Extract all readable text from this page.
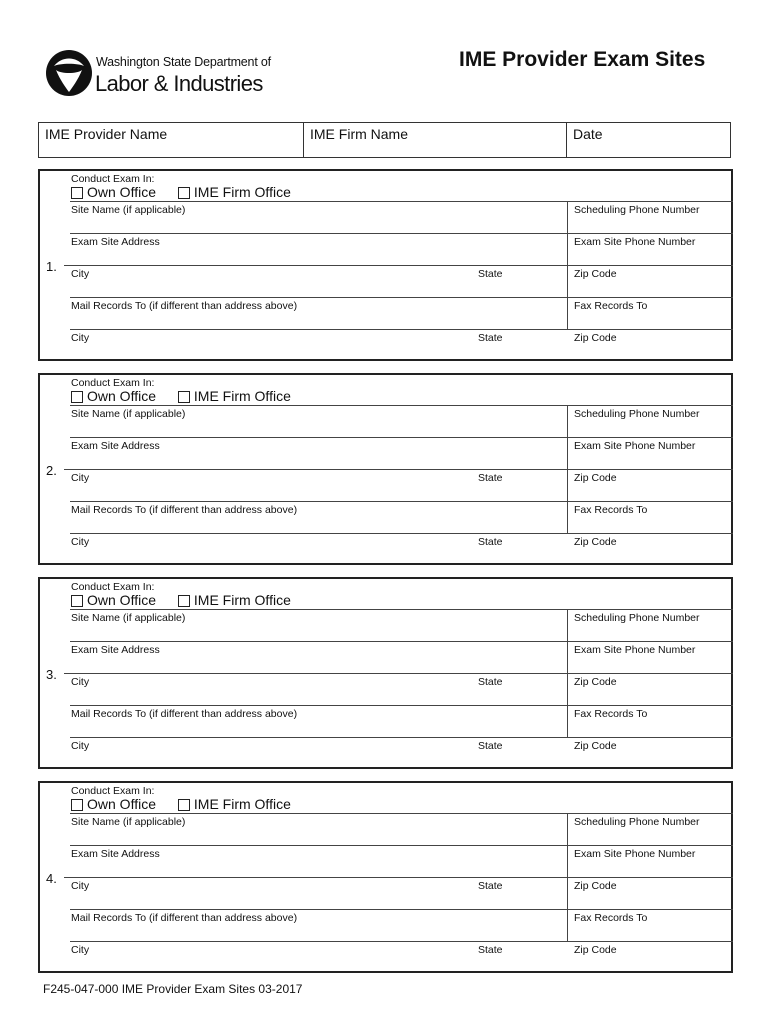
Washington State Department of
Labor & Industries
IME Provider Exam Sites
IME Provider Name	IME Firm Name	Date
1.
Conduct Exam In:
Own Office	IME Firm Office
Site Name (if applicable)	Scheduling Phone Number
Exam Site Address	Exam Site Phone Number
City	State	Zip Code
Mail Records To (if different than address above)	Fax Records To
City	State	Zip Code
2.
Conduct Exam In:
Own Office	IME Firm Office
Site Name (if applicable)	Scheduling Phone Number
Exam Site Address	Exam Site Phone Number
City	State	Zip Code
Mail Records To (if different than address above)	Fax Records To
City	State	Zip Code
3.
Conduct Exam In:
Own Office	IME Firm Office
Site Name (if applicable)	Scheduling Phone Number
Exam Site Address	Exam Site Phone Number
City	State	Zip Code
Mail Records To (if different than address above)	Fax Records To
City	State	Zip Code
4.
Conduct Exam In:
Own Office	IME Firm Office
Site Name (if applicable)	Scheduling Phone Number
Exam Site Address	Exam Site Phone Number
City	State	Zip Code
Mail Records To (if different than address above)	Fax Records To
City	State	Zip Code
F245-047-000 IME Provider Exam Sites 03-2017
